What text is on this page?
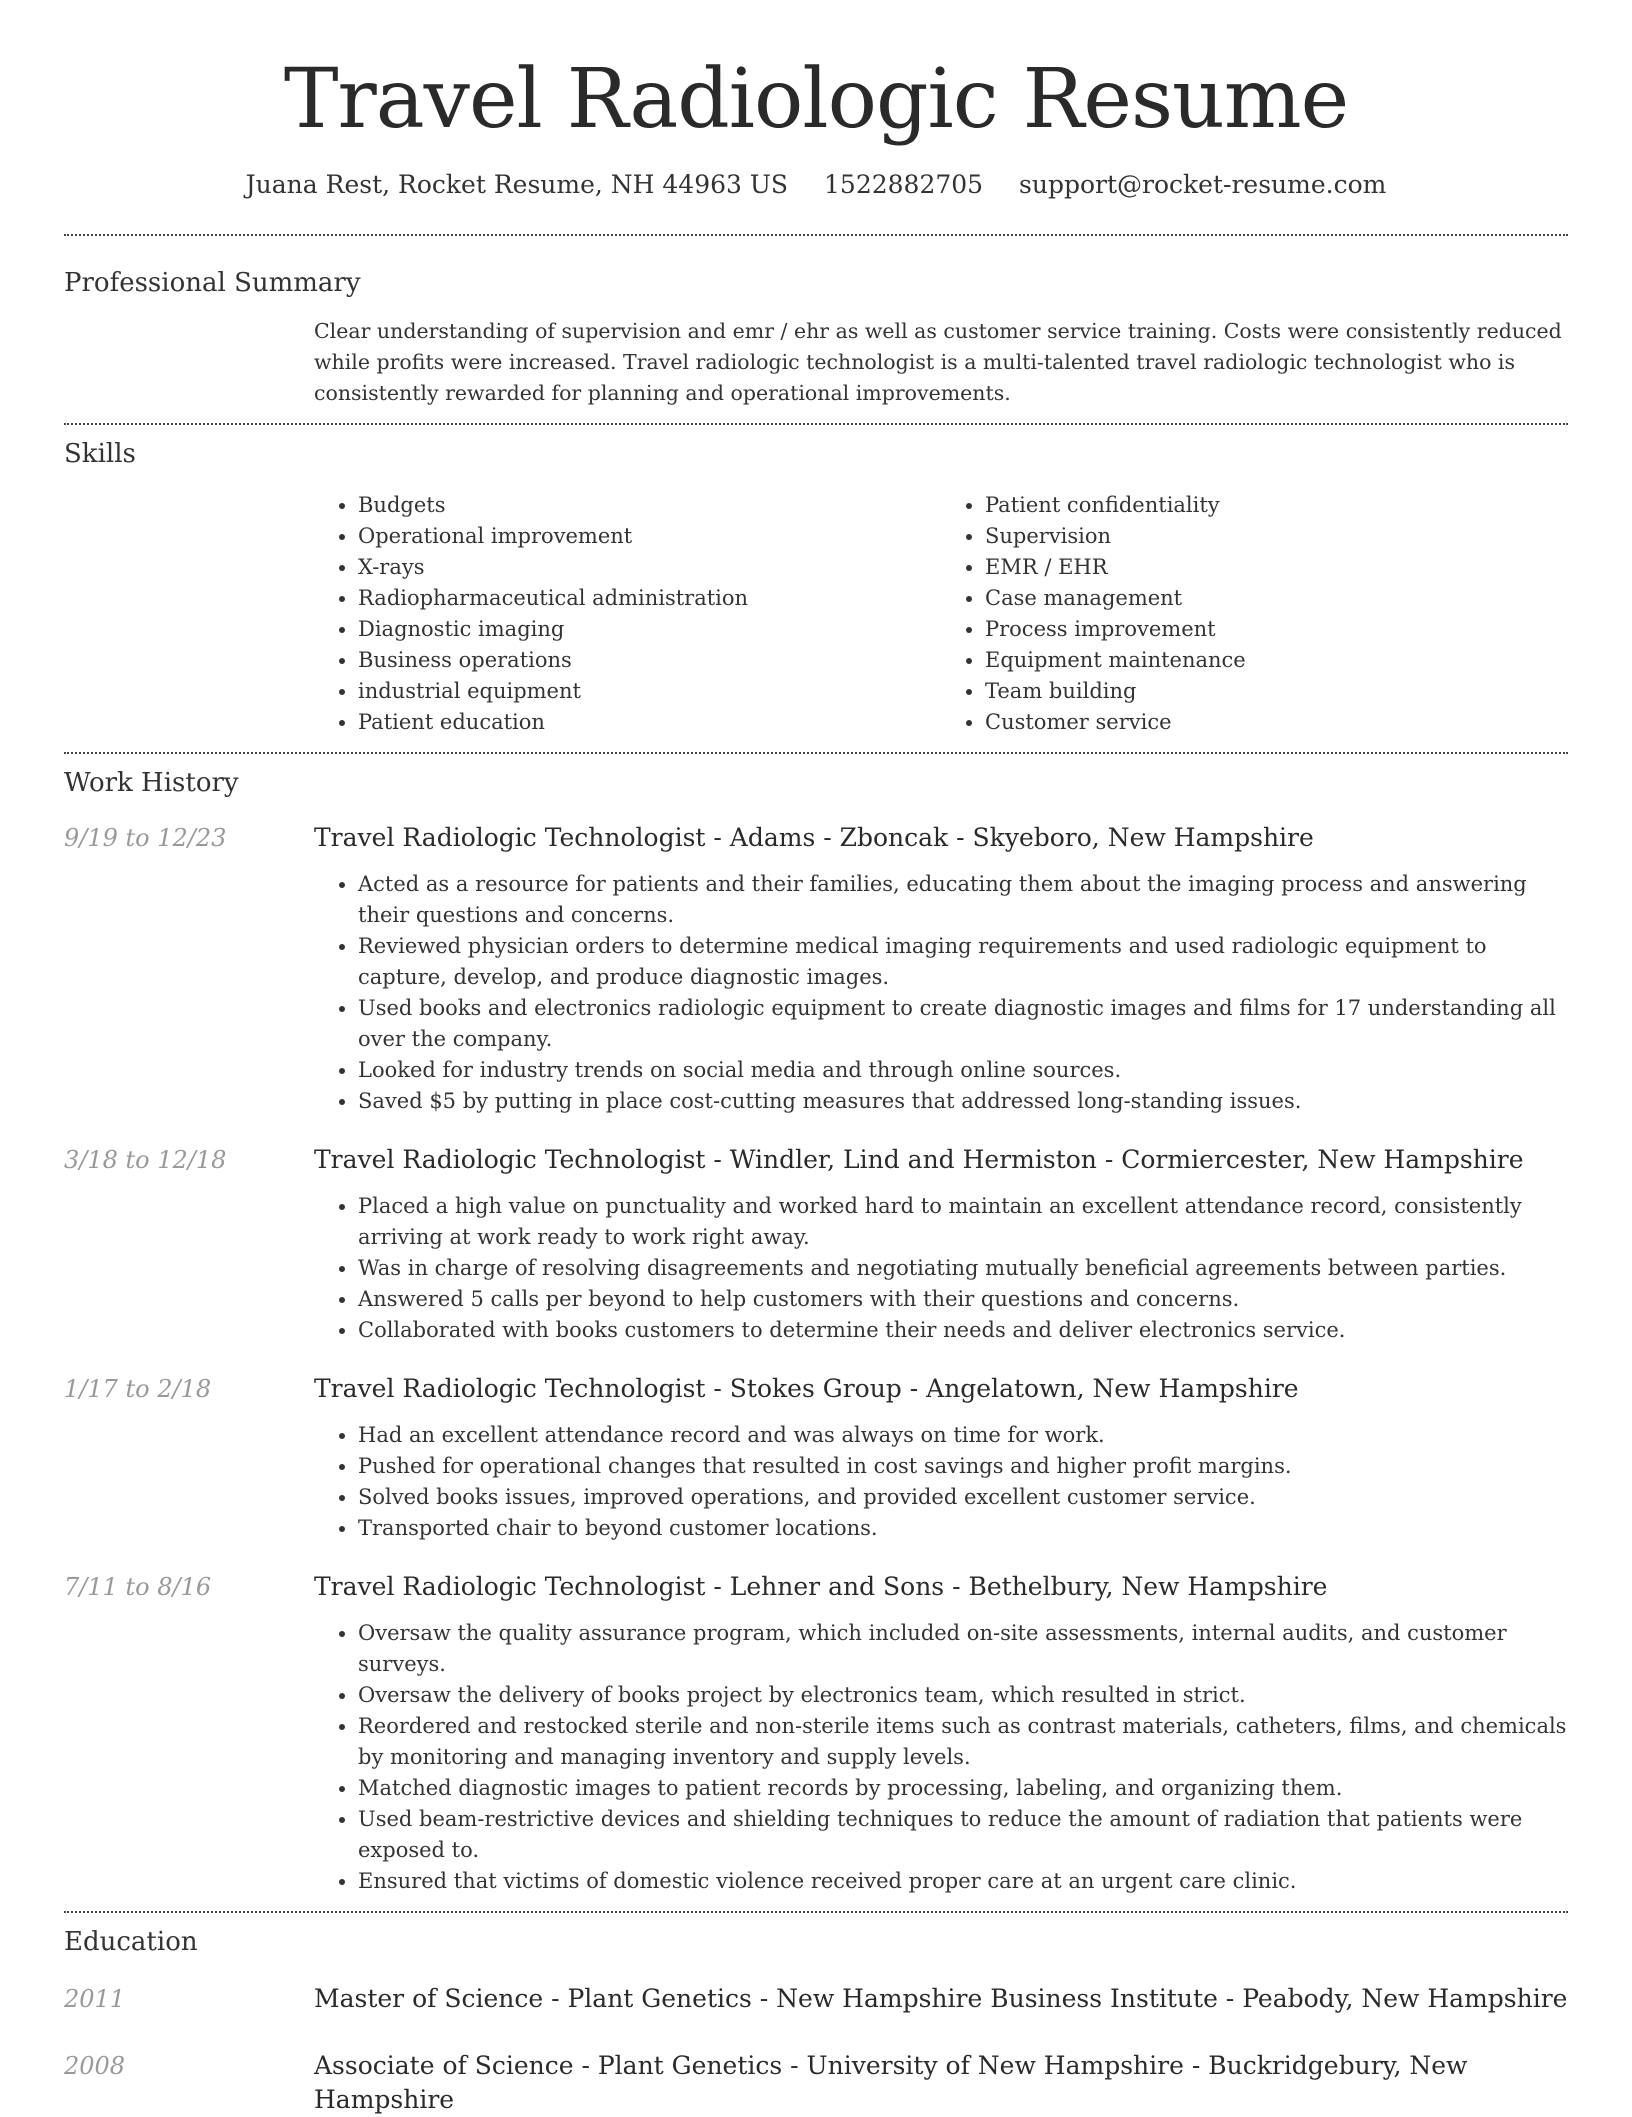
Travel Radiologic Resume
Juana Rest, Rocket Resume, NH 44963 US 1522882705 support@rocket-resume.com
Professional Summary

Clear understanding of supervision and emr / ehr as well as customer service training. Costs were consistently reduced while profits were increased. Travel radiologic technologist is a multi-talented travel radiologic technologist who is consistently rewarded for planning and operational improvements.

Skills
• Budgets
• Operational improvement
• X-rays
• Radiopharmaceutical administration
• Diagnostic imaging
• Business operations
• industrial equipment
• Patient education
• Patient confidentiality
• Supervision
• EMR / EHR
• Case management
• Process improvement
• Equipment maintenance
• Team building
• Customer service
Work History
9/19 to 12/23	Travel Radiologic Technologist - Adams - Zboncak - Skyeboro, New Hampshire
• Acted as a resource for patients and their families, educating them about the imaging process and answering their questions and concerns.
• Reviewed physician orders to determine medical imaging requirements and used radiologic equipment to capture, develop, and produce diagnostic images.
• Used books and electronics radiologic equipment to create diagnostic images and films for 17 understanding all over the company.
• Looked for industry trends on social media and through online sources.
• Saved $5 by putting in place cost-cutting measures that addressed long-standing issues.
3/18 to 12/18	Travel Radiologic Technologist - Windler, Lind and Hermiston - Cormiercester, New Hampshire
• Placed a high value on punctuality and worked hard to maintain an excellent attendance record, consistently arriving at work ready to work right away.
• Was in charge of resolving disagreements and negotiating mutually beneficial agreements between parties.
• Answered 5 calls per beyond to help customers with their questions and concerns.
• Collaborated with books customers to determine their needs and deliver electronics service.
1/17 to 2/18	Travel Radiologic Technologist - Stokes Group - Angelatown, New Hampshire
• Had an excellent attendance record and was always on time for work.
• Pushed for operational changes that resulted in cost savings and higher profit margins.
• Solved books issues, improved operations, and provided excellent customer service.
• Transported chair to beyond customer locations.
7/11 to 8/16	Travel Radiologic Technologist - Lehner and Sons - Bethelbury, New Hampshire
• Oversaw the quality assurance program, which included on-site assessments, internal audits, and customer surveys.
• Oversaw the delivery of books project by electronics team, which resulted in strict.
• Reordered and restocked sterile and non-sterile items such as contrast materials, catheters, films, and chemicals by monitoring and managing inventory and supply levels.
• Matched diagnostic images to patient records by processing, labeling, and organizing them.
• Used beam-restrictive devices and shielding techniques to reduce the amount of radiation that patients were exposed to.
• Ensured that victims of domestic violence received proper care at an urgent care clinic.
Education
2011	Master of Science - Plant Genetics - New Hampshire Business Institute - Peabody, New Hampshire
2008	Associate of Science - Plant Genetics - University of New Hampshire - Buckridgebury, New Hampshire
